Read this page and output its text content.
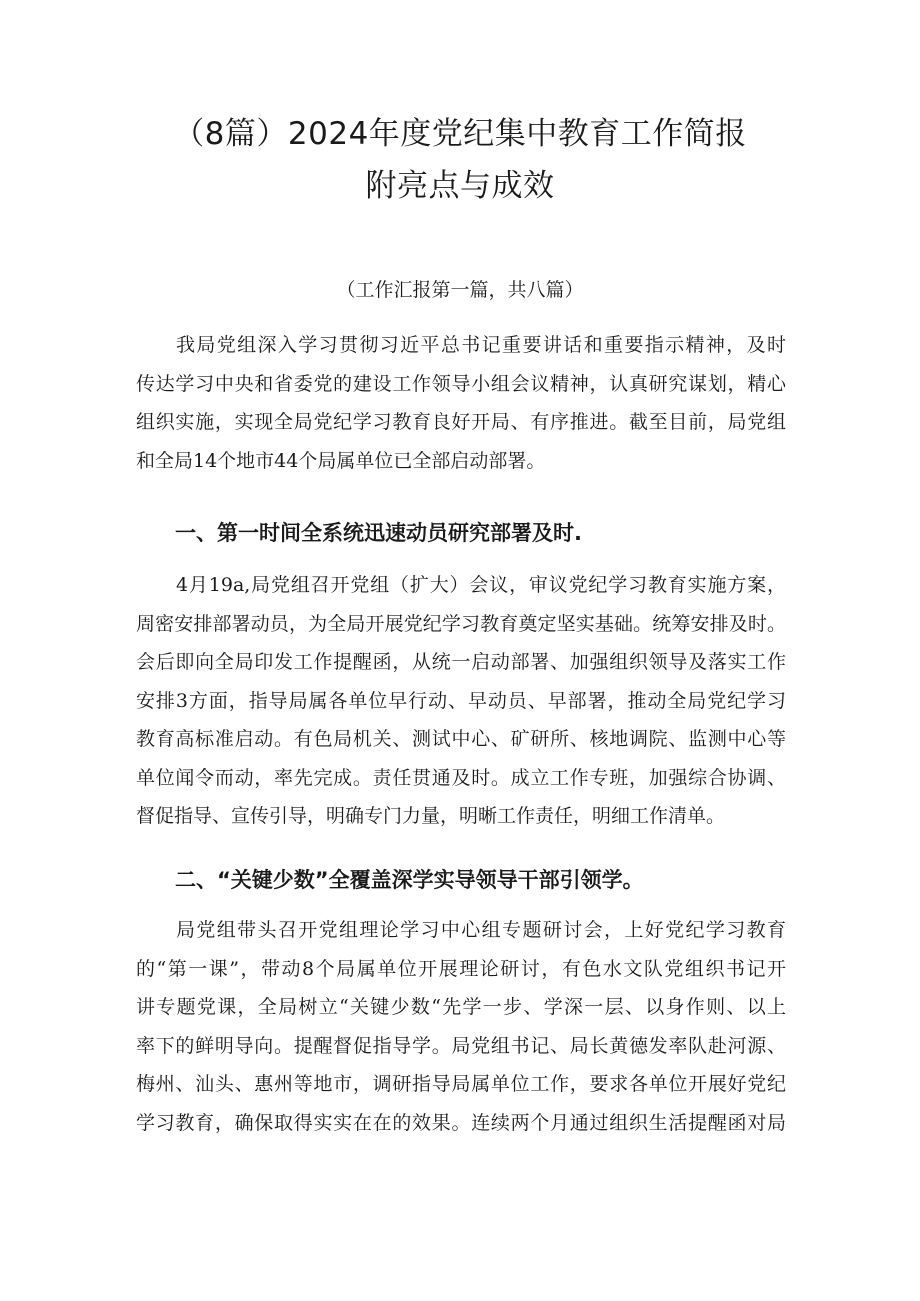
（8篇）2024年度党纪集中教育工作简报
附亮点与成效
（工作汇报第一篇，共八篇）

我局党组深入学习贯彻习近平总书记重要讲话和重要指示精神，及时
传达学习中央和省委党的建设工作领导小组会议精神，认真研究谋划，精心
组织实施，实现全局党纪学习教育良好开局、有序推进。截至目前，局党组
和全局14个地市44个局属单位已全部启动部署。

一、第一时间全系统迅速动员研究部署及时.

4月19a,局党组召开党组（扩大）会议，审议党纪学习教育实施方案，
周密安排部署动员，为全局开展党纪学习教育奠定坚实基础。统筹安排及时。
会后即向全局印发工作提醒函，从统一启动部署、加强组织领导及落实工作
安排3方面，指导局属各单位早行动、早动员、早部署，推动全局党纪学习
教育高标准启动。有色局机关、测试中心、矿研所、核地调院、监测中心等
单位闻令而动，率先完成。责任贯通及时。成立工作专班，加强综合协调、
督促指导、宣传引导，明确专门力量，明晰工作责任，明细工作清单。

二、“关键少数”全覆盖深学实导领导干部引领学。

局党组带头召开党组理论学习中心组专题研讨会，上好党纪学习教育
的“第一课”，带动8个局属单位开展理论研讨，有色水文队党组织书记开
讲专题党课，全局树立“关键少数“先学一步、学深一层、以身作则、以上
率下的鲜明导向。提醒督促指导学。局党组书记、局长黄德发率队赴河源、
梅州、汕头、惠州等地市，调研指导局属单位工作，要求各单位开展好党纪
学习教育，确保取得实实在在的效果。连续两个月通过组织生活提醒函对局
